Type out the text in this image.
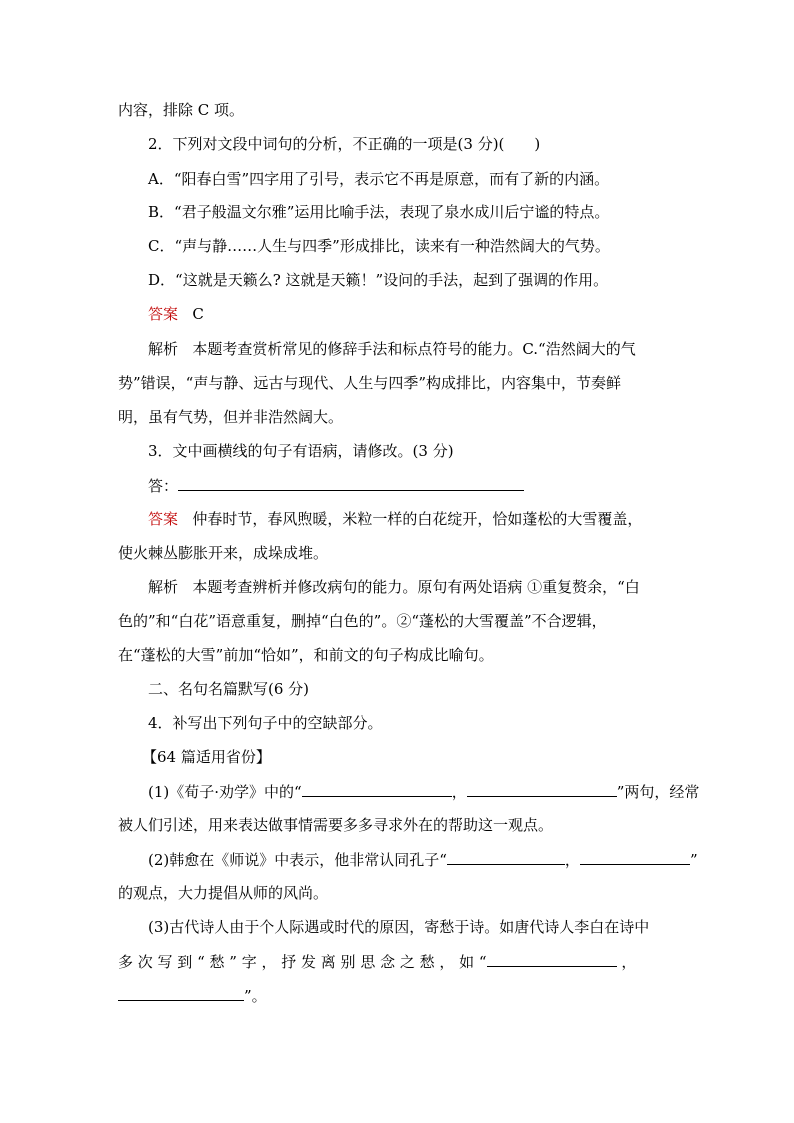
内容，排除 C 项。
2．下列对文段中词句的分析，不正确的一项是(3 分)(　　)
A．“阳春白雪”四字用了引号，表示它不再是原意，而有了新的内涵。
B．“君子般温文尔雅”运用比喻手法，表现了泉水成川后宁谧的特点。
C．“声与静……人生与四季”形成排比，读来有一种浩然阔大的气势。
D．“这就是天籁么? 这就是天籁！”设问的手法，起到了强调的作用。
答案 C
解析 本题考查赏析常见的修辞手法和标点符号的能力。C.“浩然阔大的气
势”错误，“声与静、远古与现代、人生与四季”构成排比，内容集中，节奏鲜
明，虽有气势，但并非浩然阔大。
3．文中画横线的句子有语病，请修改。(3 分)
答：
答案 仲春时节，春风煦暖，米粒一样的白花绽开，恰如蓬松的大雪覆盖，
使火棘丛膨胀开来，成垛成堆。
解析 本题考查辨析并修改病句的能力。原句有两处语病 ①重复赘余，“白
色的”和“白花”语意重复，删掉“白色的”。②“蓬松的大雪覆盖”不合逻辑，
在“蓬松的大雪”前加“恰如”，和前文的句子构成比喻句。
二、名句名篇默写(6 分)
4．补写出下列句子中的空缺部分。
【64 篇适用省份】
(1)《荀子·劝学》中的“	，	”两句，经常
被人们引述，用来表达做事情需要多多寻求外在的帮助这一观点。
(2)韩愈在《师说》中表示，他非常认同孔子“	，	”
的观点，大力提倡从师的风尚。
(3)古代诗人由于个人际遇或时代的原因，寄愁于诗。如唐代诗人李白在诗中
多 次 写 到 “ 愁 ” 字 ， 抒 发 离 别 思 念 之 愁 ， 如 “	，
”。
